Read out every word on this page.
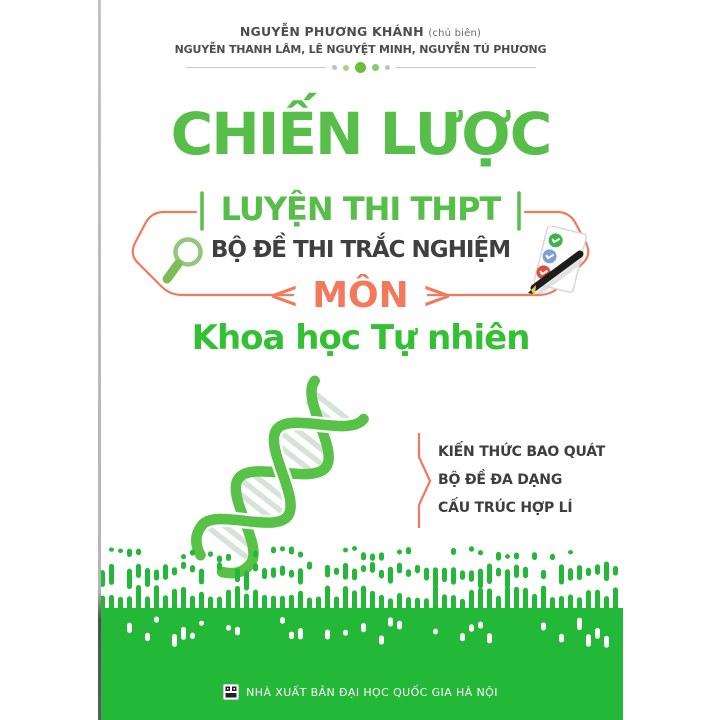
NGUYỄN PHƯƠNG KHÁNH (chủ biên)
NGUYỄN THANH LÂM, LÊ NGUYỆT MINH, NGUYỄN TÚ PHƯƠNG
CHIẾN LƯỢC
LUYỆN THI THPT
BỘ ĐỀ THI TRẮC NGHIỆM
< MÔN >
Khoa học Tự nhiên
KIẾN THỨC BAO QUÁT
BỘ ĐỀ ĐA DẠNG
CẤU TRÚC HỢP LÍ
NHÀ XUẤT BẢN ĐẠI HỌC QUỐC GIA HÀ NỘI
